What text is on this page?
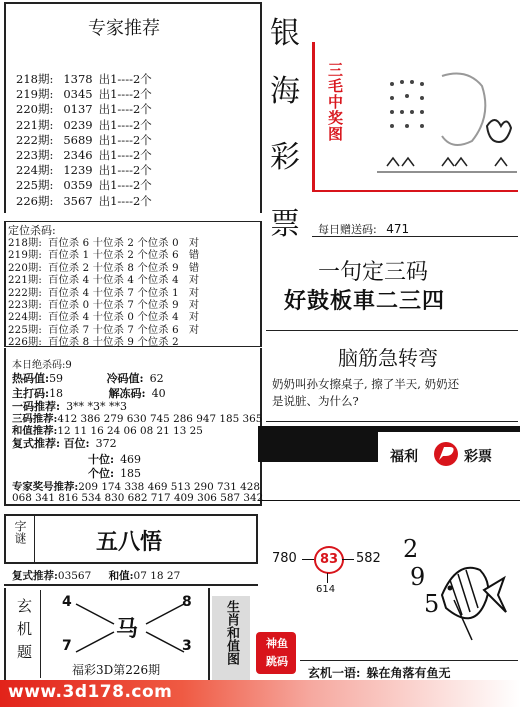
专家推荐
218期: 1378 出1----2个
219期: 0345 出1----2个
220期: 0137 出1----2个
221期: 0239 出1----2个
222期: 5689 出1----2个
223期: 2346 出1----2个
224期: 1239 出1----2个
225期: 0359 出1----2个
226期: 3567 出1----2个
银
海
彩
票
三毛中奖图
每日赠送码: 471
定位杀码:
218期: 百位杀 6 十位杀 2 个位杀 0 对
219期: 百位杀 1 十位杀 2 个位杀 6 错
220期: 百位杀 2 十位杀 8 个位杀 9 错
221期: 百位杀 4 十位杀 4 个位杀 4 对
222期: 百位杀 4 十位杀 7 个位杀 1 对
223期: 百位杀 0 十位杀 7 个位杀 9 对
224期: 百位杀 4 十位杀 0 个位杀 4 对
225期: 百位杀 7 十位杀 7 个位杀 6 对
226期: 百位杀 8 十位杀 9 个位杀 2
一句定三码
好鼓板車二三四
脑筋急转弯
奶奶叫孙女擦桌子, 擦了半天, 奶奶还
是说脏、为什么?
本日绝杀码:9
热码值:59	冷码值: 62
主打码:18	解冻码: 40
一码推荐: 3** *3* **3
三码推荐:412 386 279 630 745 286 947 185 365
和值推荐:12 11 16 24 06 08 21 13 25
复式推荐: 百位: 372
十位: 469
个位: 185
专家奖号推荐:209 174 338 469 513 290 731 428
068 341 816 534 830 682 717 409 306 587 342
福利	彩票
780	83	582
614
2
9
5
字谜	五八悟
复式推荐:03567 和值:07 18 27
玄机题 4	8
7	3
马
福彩3D第226期
生肖和值图	神鱼跳码
玄机一语: 躲在角落有鱼无
www.3d178.com
